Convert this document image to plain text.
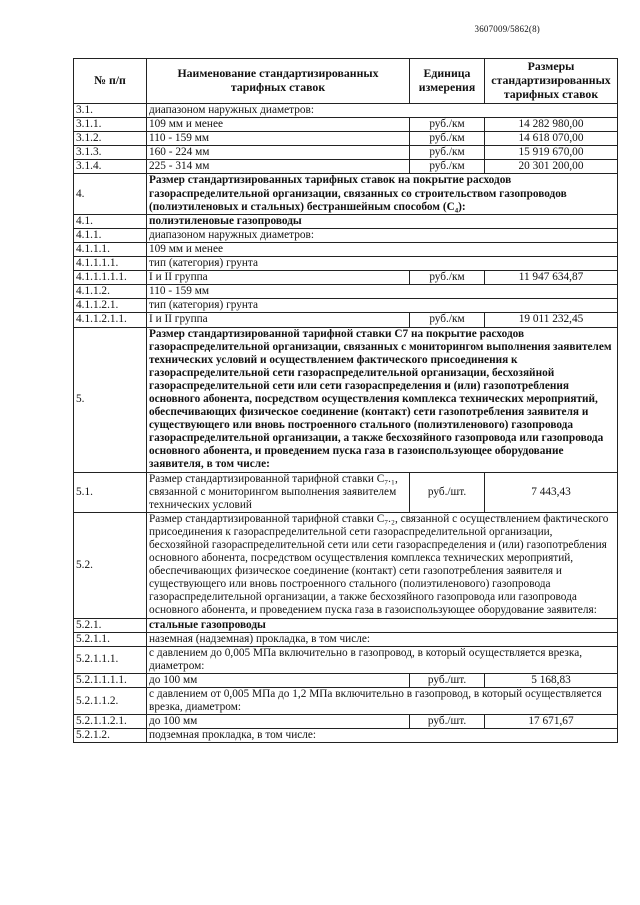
3607009/5862(8)
№ п/п	Наименование стандартизированных тарифных ставок	Единица измерения	Размеры стандартизированных тарифных ставок
3.1.	диапазоном наружных диаметров:		
3.1.1.	109 мм и менее	руб./км	14 282 980,00
3.1.2.	110 - 159 мм	руб./км	14 618 070,00
3.1.3.	160 - 224 мм	руб./км	15 919 670,00
3.1.4.	225 - 314 мм	руб./км	20 301 200,00
4.	Размер стандартизированных тарифных ставок на покрытие расходов газораспределительной организации, связанных со строительством газопроводов (полиэтиленовых и стальных) бестраншейным способом (C₄):		
4.1.	полиэтиленовые газопроводы		
4.1.1.	диапазоном наружных диаметров:		
4.1.1.1.	109 мм и менее		
4.1.1.1.1.	тип (категория) грунта		
4.1.1.1.1.1.	I и II группа	руб./км	11 947 634,87
4.1.1.2.	110 - 159 мм		
4.1.1.2.1.	тип (категория) грунта		
4.1.1.2.1.1.	I и II группа	руб./км	19 011 232,45
5.	Размер стандартизированной тарифной ставки С7 на покрытие расходов газораспределительной организации, связанных с мониторингом выполнения заявителем технических условий и осуществлением фактического присоединения к газораспределительной сети газораспределительной организации, бесхозяйной газораспределительной сети или сети газораспределения и (или) газопотребления основного абонента, посредством осуществления комплекса технических мероприятий, обеспечивающих физическое соединение (контакт) сети газопотребления заявителя и существующего или вновь построенного стального (полиэтиленового) газопровода газораспределительной организации, а также бесхозяйного газопровода или газопровода основного абонента, и проведением пуска газа в газоиспользующее оборудование заявителя, в том числе:		
5.1.	Размер стандартизированной тарифной ставки C₇.₁, связанной с мониторингом выполнения заявителем технических условий	руб./шт.	7 443,43
5.2.	Размер стандартизированной тарифной ставки C₇.₂, связанной с осуществлением фактического присоединения к газораспределительной сети газораспределительной организации, бесхозяйной газораспределительной сети или сети газораспределения и (или) газопотребления основного абонента, посредством осуществления комплекса технических мероприятий, обеспечивающих физическое соединение (контакт) сети газопотребления заявителя и существующего или вновь построенного стального (полиэтиленового) газопровода газораспределительной организации, а также бесхозяйного газопровода или газопровода основного абонента, и проведением пуска газа в газоиспользующее оборудование заявителя:		
5.2.1.	стальные газопроводы		
5.2.1.1.	наземная (надземная) прокладка, в том числе:		
5.2.1.1.1.	с давлением до 0,005 МПа включительно в газопровод, в который осуществляется врезка, диаметром:		
5.2.1.1.1.1.	до 100 мм	руб./шт.	5 168,83
5.2.1.1.2.	с давлением от 0,005 МПа до 1,2 МПа включительно в газопровод, в который осуществляется врезка, диаметром:		
5.2.1.1.2.1.	до 100 мм	руб./шт.	17 671,67
5.2.1.2.	подземная прокладка, в том числе:		
